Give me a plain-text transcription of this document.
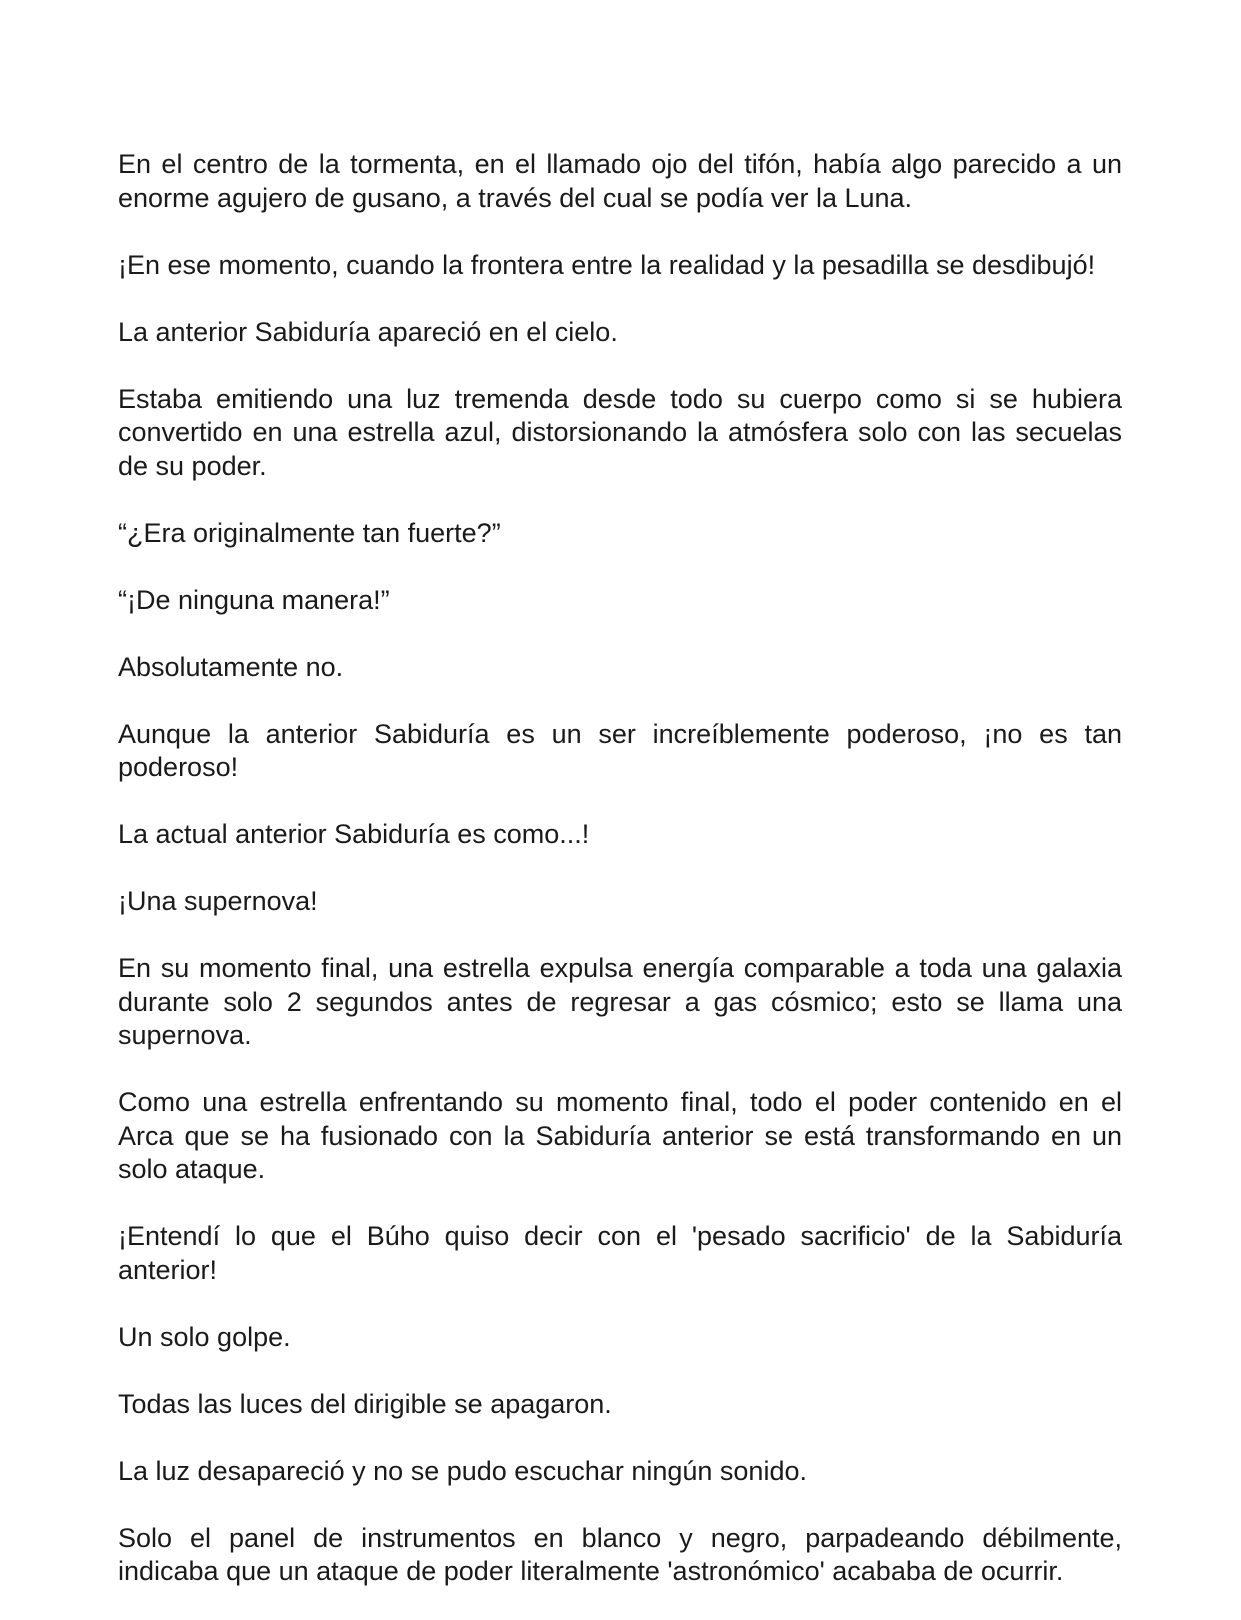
En el centro de la tormenta, en el llamado ojo del tifón, había algo parecido a un enorme agujero de gusano, a través del cual se podía ver la Luna.

¡En ese momento, cuando la frontera entre la realidad y la pesadilla se desdibujó!

La anterior Sabiduría apareció en el cielo.

Estaba emitiendo una luz tremenda desde todo su cuerpo como si se hubiera convertido en una estrella azul, distorsionando la atmósfera solo con las secuelas de su poder.

“¿Era originalmente tan fuerte?”

“¡De ninguna manera!”

Absolutamente no.

Aunque la anterior Sabiduría es un ser increíblemente poderoso, ¡no es tan poderoso!

La actual anterior Sabiduría es como...!

¡Una supernova!

En su momento final, una estrella expulsa energía comparable a toda una galaxia durante solo 2 segundos antes de regresar a gas cósmico; esto se llama una supernova.

Como una estrella enfrentando su momento final, todo el poder contenido en el Arca que se ha fusionado con la Sabiduría anterior se está transformando en un solo ataque.

¡Entendí lo que el Búho quiso decir con el 'pesado sacrificio' de la Sabiduría anterior!

Un solo golpe.

Todas las luces del dirigible se apagaron.

La luz desapareció y no se pudo escuchar ningún sonido.

Solo el panel de instrumentos en blanco y negro, parpadeando débilmente, indicaba que un ataque de poder literalmente 'astronómico' acababa de ocurrir.
